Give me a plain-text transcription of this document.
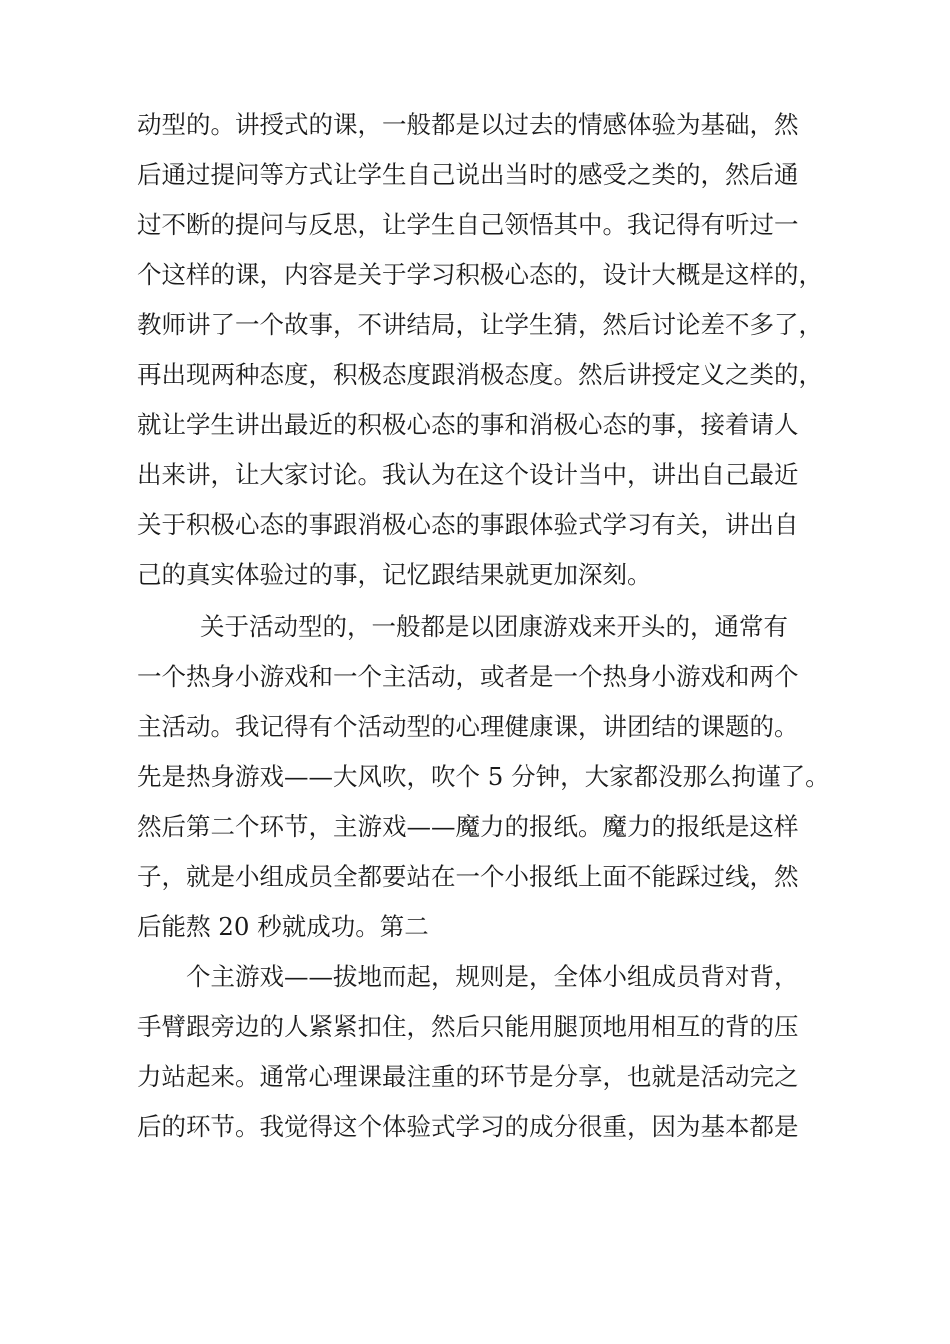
动型的。讲授式的课，一般都是以过去的情感体验为基础，然
后通过提问等方式让学生自己说出当时的感受之类的，然后通
过不断的提问与反思，让学生自己领悟其中。我记得有听过一
个这样的课，内容是关于学习积极心态的，设计大概是这样的，
教师讲了一个故事，不讲结局，让学生猜，然后讨论差不多了，
再出现两种态度，积极态度跟消极态度。然后讲授定义之类的，
就让学生讲出最近的积极心态的事和消极心态的事，接着请人
出来讲，让大家讨论。我认为在这个设计当中，讲出自己最近
关于积极心态的事跟消极心态的事跟体验式学习有关，讲出自
己的真实体验过的事，记忆跟结果就更加深刻。
关于活动型的，一般都是以团康游戏来开头的，通常有
一个热身小游戏和一个主活动，或者是一个热身小游戏和两个
主活动。我记得有个活动型的心理健康课，讲团结的课题的。
先是热身游戏——大风吹，吹个 5 分钟，大家都没那么拘谨了。
然后第二个环节，主游戏——魔力的报纸。魔力的报纸是这样
子，就是小组成员全都要站在一个小报纸上面不能踩过线，然
后能熬 20 秒就成功。第二
个主游戏——拔地而起，规则是，全体小组成员背对背，
手臂跟旁边的人紧紧扣住，然后只能用腿顶地用相互的背的压
力站起来。通常心理课最注重的环节是分享，也就是活动完之
后的环节。我觉得这个体验式学习的成分很重，因为基本都是
